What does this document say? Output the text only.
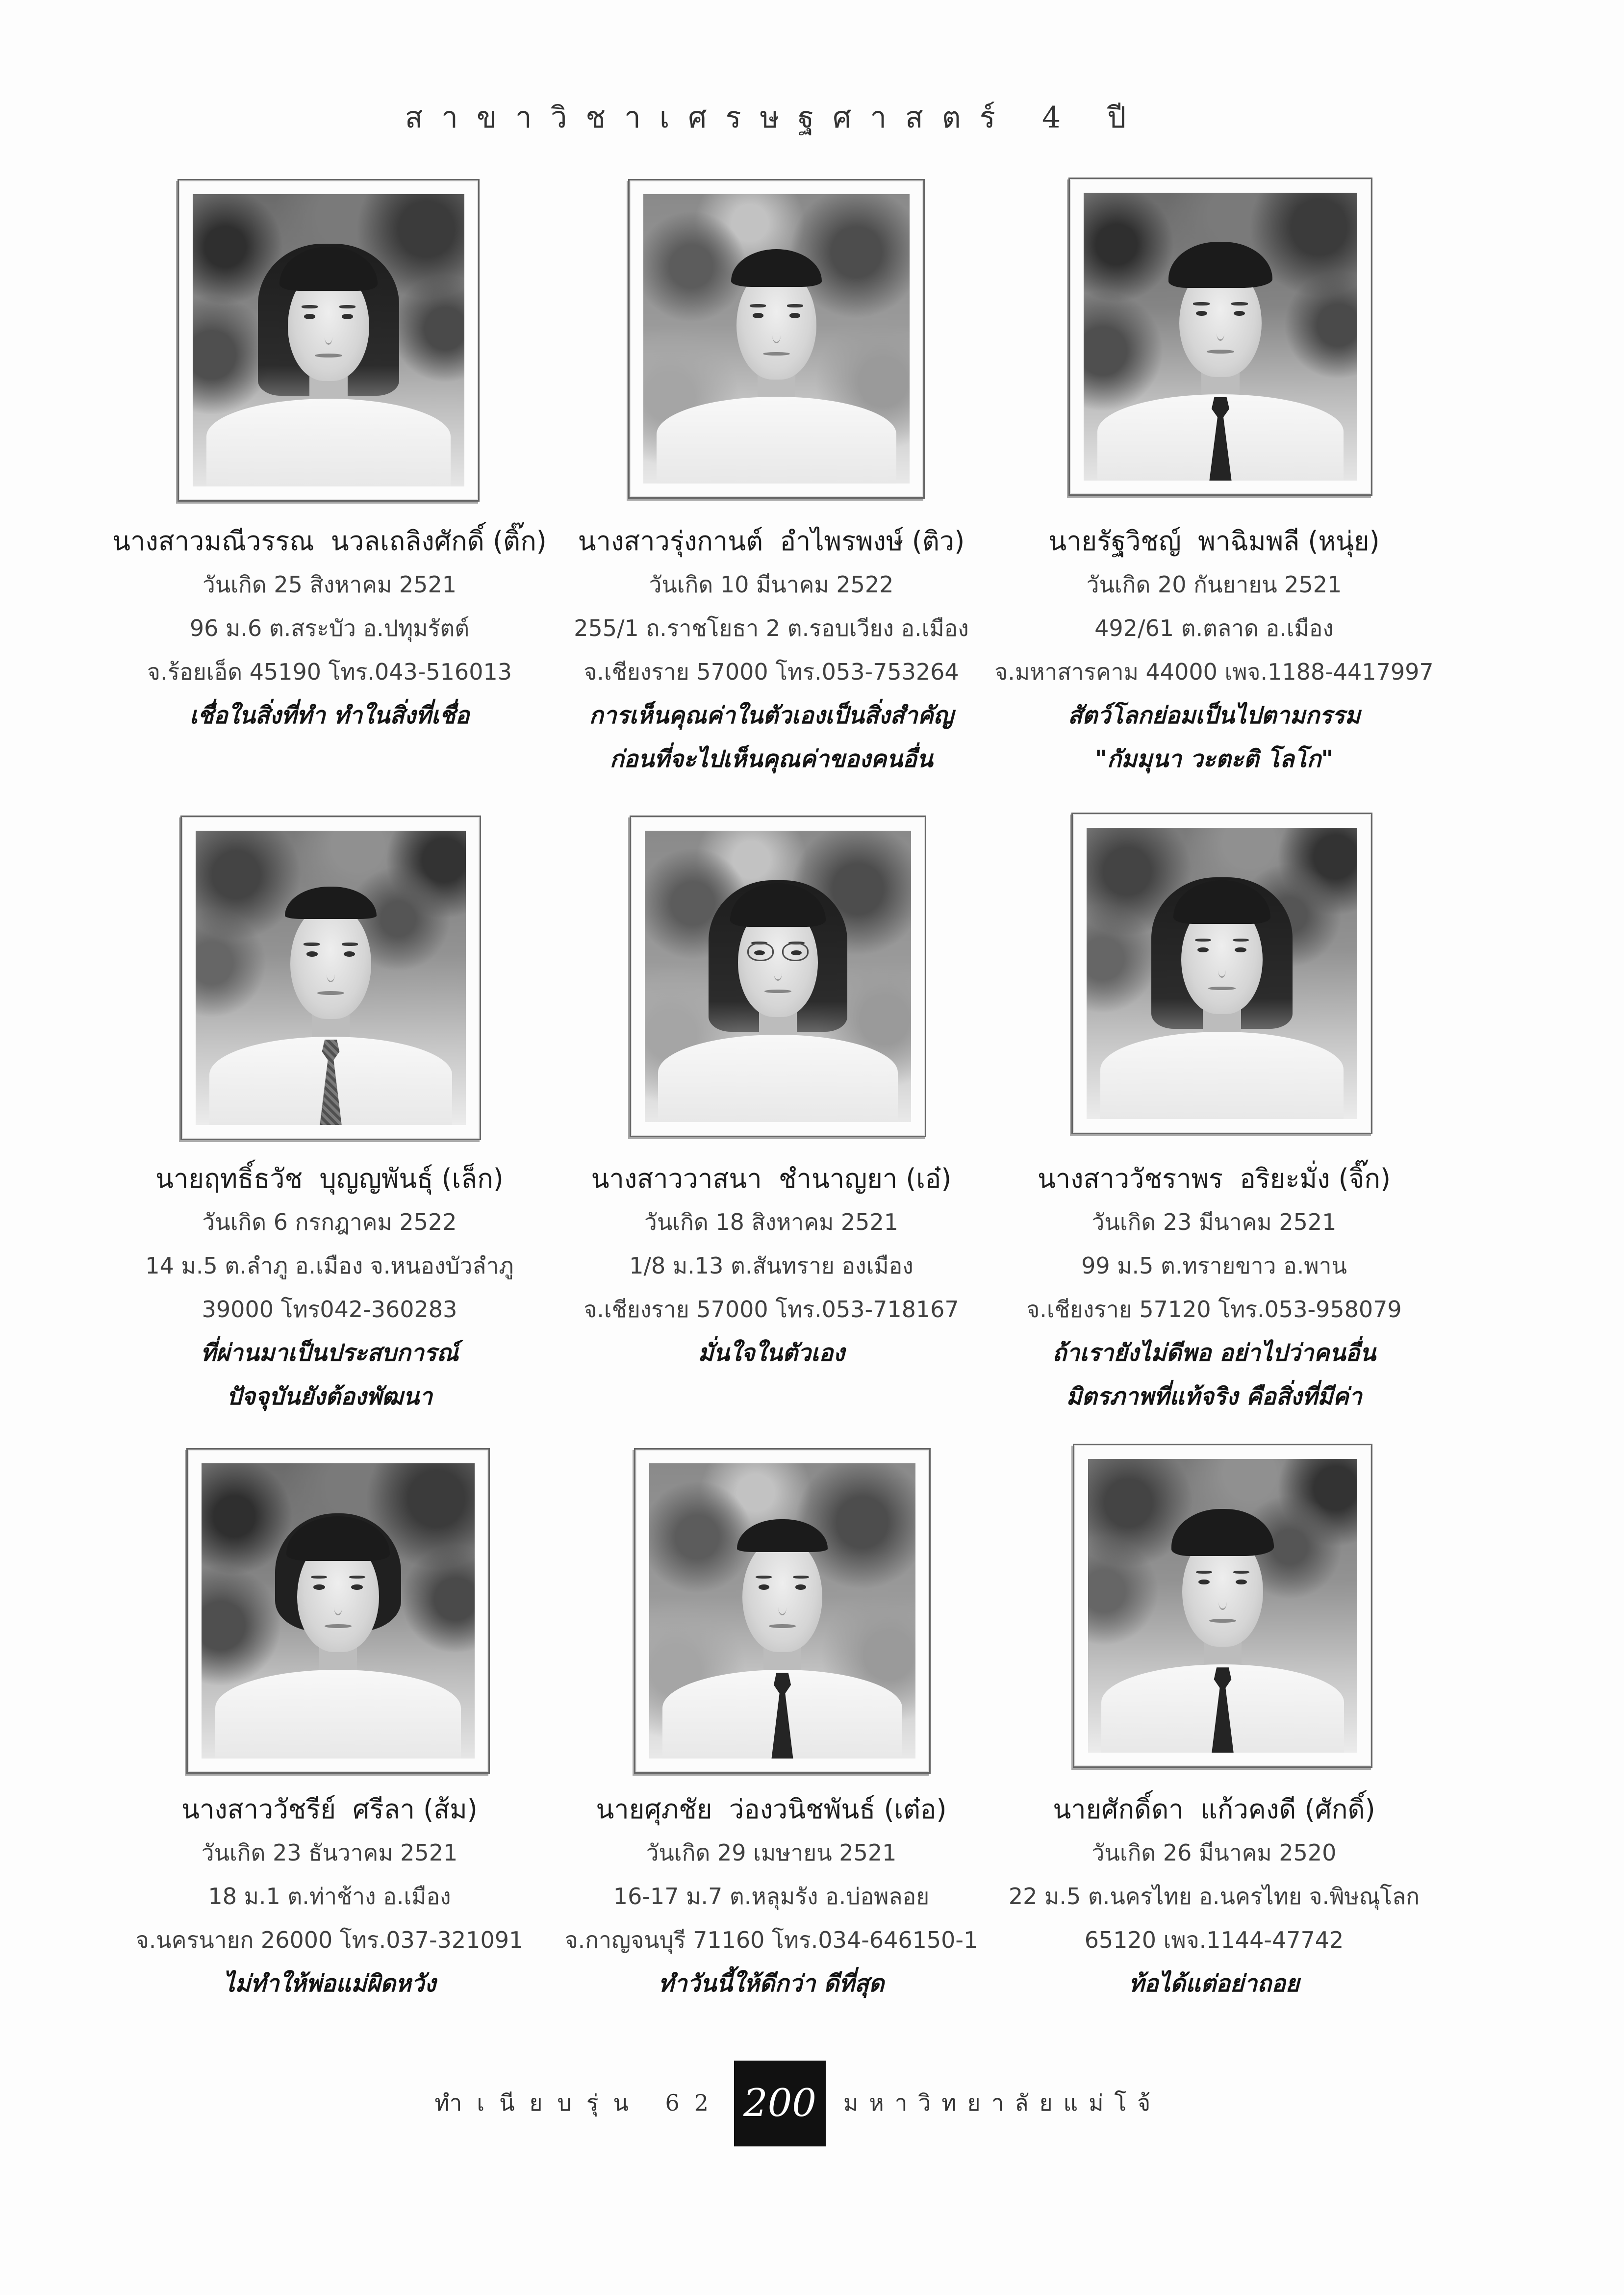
สาขาวิชาเศรษฐศาสตร์ 4 ปี
นางสาวมณีวรรณ  นวลเถลิงศักดิ์ (ติ๊ก)
วันเกิด 25 สิงหาคม 2521
96 ม.6 ต.สระบัว อ.ปทุมรัตต์
จ.ร้อยเอ็ด 45190 โทร.043-516013
เชื่อในสิ่งที่ทำ ทำในสิ่งที่เชื่อ
นางสาวรุ่งกานต์  อำไพรพงษ์ (ติว)
วันเกิด 10 มีนาคม 2522
255/1 ถ.ราชโยธา 2 ต.รอบเวียง อ.เมือง
จ.เชียงราย 57000 โทร.053-753264
การเห็นคุณค่าในตัวเองเป็นสิ่งสำคัญ
ก่อนที่จะไปเห็นคุณค่าของคนอื่น
นายรัฐวิชญ์  พาฉิมพลี (หนุ่ย)
วันเกิด 20 กันยายน 2521
492/61 ต.ตลาด อ.เมือง
จ.มหาสารคาม 44000 เพจ.1188-4417997
สัตว์โลกย่อมเป็นไปตามกรรม
"กัมมุนา วะตะติ โลโก"
นายฤทธิ์ธวัช  บุญญพันธุ์ (เล็ก)
วันเกิด 6 กรกฎาคม 2522
14 ม.5 ต.ลำภู อ.เมือง จ.หนองบัวลำภู
39000 โทร042-360283
ที่ผ่านมาเป็นประสบการณ์
ปัจจุบันยังต้องพัฒนา
นางสาววาสนา  ชำนาญยา (เอ๋)
วันเกิด 18 สิงหาคม 2521
1/8 ม.13 ต.สันทราย องเมือง
จ.เชียงราย 57000 โทร.053-718167
มั่นใจในตัวเอง
นางสาววัชราพร  อริยะมั่ง (จิ๊ก)
วันเกิด 23 มีนาคม 2521
99 ม.5 ต.ทรายขาว อ.พาน
จ.เชียงราย 57120 โทร.053-958079
ถ้าเรายังไม่ดีพอ อย่าไปว่าคนอื่น
มิตรภาพที่แท้จริง คือสิ่งที่มีค่า
นางสาววัชรีย์  ศรีลา (ส้ม)
วันเกิด 23 ธันวาคม 2521
18 ม.1 ต.ท่าช้าง อ.เมือง
จ.นครนายก 26000 โทร.037-321091
ไม่ทำให้พ่อแม่ผิดหวัง
นายศุภชัย  ว่องวนิชพันธ์ (เต๋อ)
วันเกิด 29 เมษายน 2521
16-17 ม.7 ต.หลุมรัง อ.บ่อพลอย
จ.กาญจนบุรี 71160 โทร.034-646150-1
ทำวันนี้ให้ดีกว่า ดีที่สุด
นายศักดิ์ดา  แก้วคงดี (ศักดิ์)
วันเกิด 26 มีนาคม 2520
22 ม.5 ต.นครไทย อ.นครไทย จ.พิษณุโลก
65120 เพจ.1144-47742
ท้อได้แต่อย่าถอย
ทำเนียบรุ่น 62 200	มหาวิทยาลัยแม่โจ้
